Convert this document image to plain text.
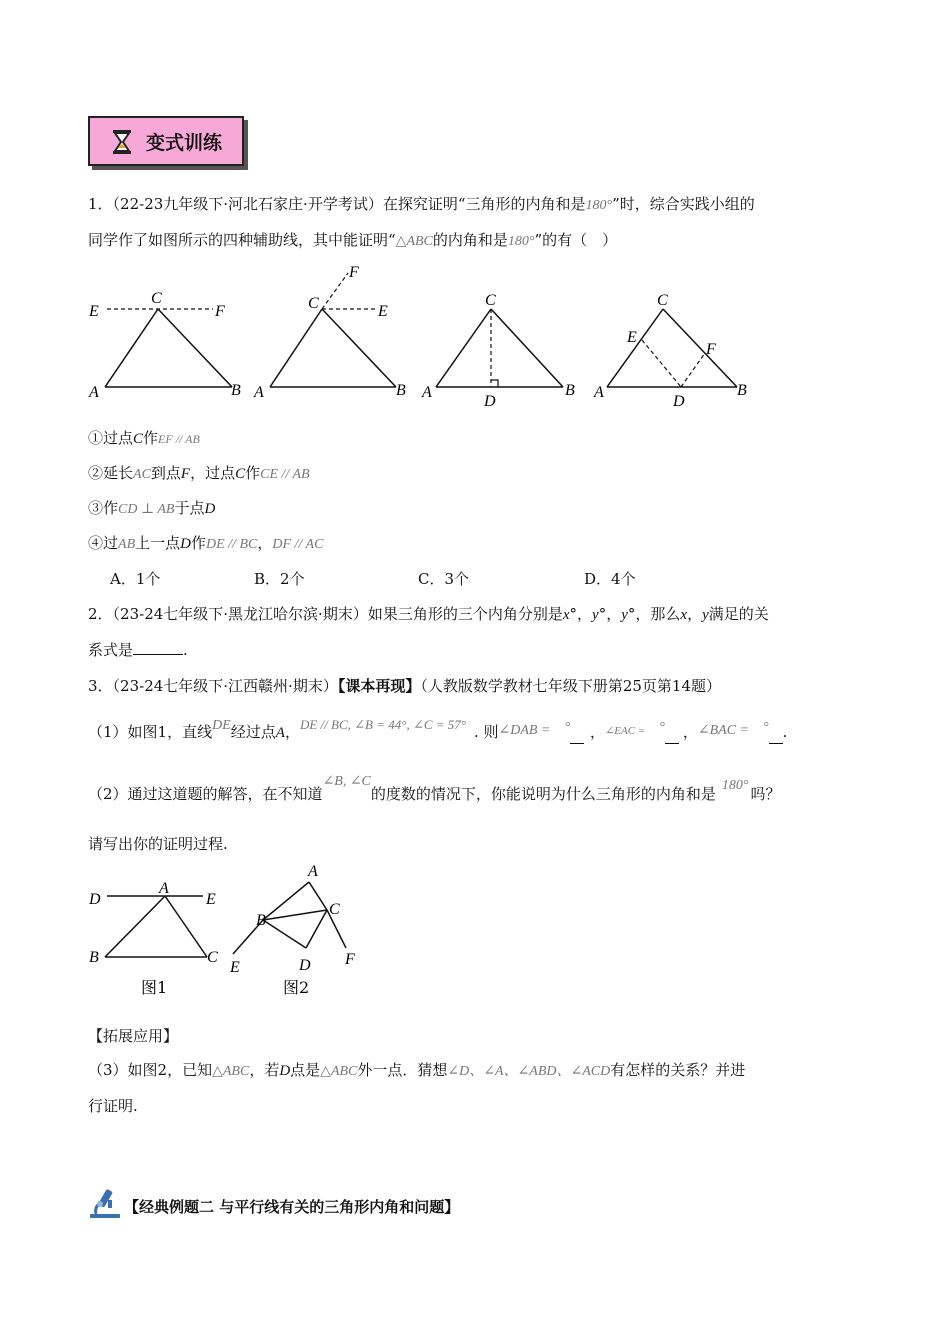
变式训练
1．（22-23九年级下·河北石家庄·开学考试）在探究证明“三角形的内角和是180°”时，综合实践小组的
同学作了如图所示的四种辅助线，其中能证明“△ABC的内角和是180°”的有（　）
E
C
F
A	B
F
C	E
A	B
C
A
D
B
C
E
F
A
D
B
①过点C作EF // AB
②延长AC到点F，过点C作CE // AB
③作CD ⊥ AB于点D
④过AB上一点D作DE // BC，DF // AC
A．1个	B．2个	C．3个	D．4个
2．（23-24七年级下·黑龙江哈尔滨·期末）如果三角形的三个内角分别是x°，y°，y°，那么x，y满足的关
系式是	.
3．（23-24七年级下·江西赣州·期末）【课本再现】（人教版数学教材七年级下册第25页第14题）
（1）如图1，直线DE经过点A，DE // BC, ∠B = 44°, ∠C = 57° . 则∠DAB = ° ，$^{\angle EAC =}$ ° ，∠BAC = ° .
（2）通过这道题的解答，在不知道∠B, ∠C的度数的情况下，你能说明为什么三角形的内角和是 180° 吗？
请写出你的证明过程.
D
A
E
B	C
图1
A
B
C
E	D F
图2
【拓展应用】
（3）如图2，已知△ABC，若D点是△ABC外一点．猜想∠D、∠A、∠ABD、∠ACD有怎样的关系？并进
行证明.
【经典例题二 与平行线有关的三角形内角和问题】
